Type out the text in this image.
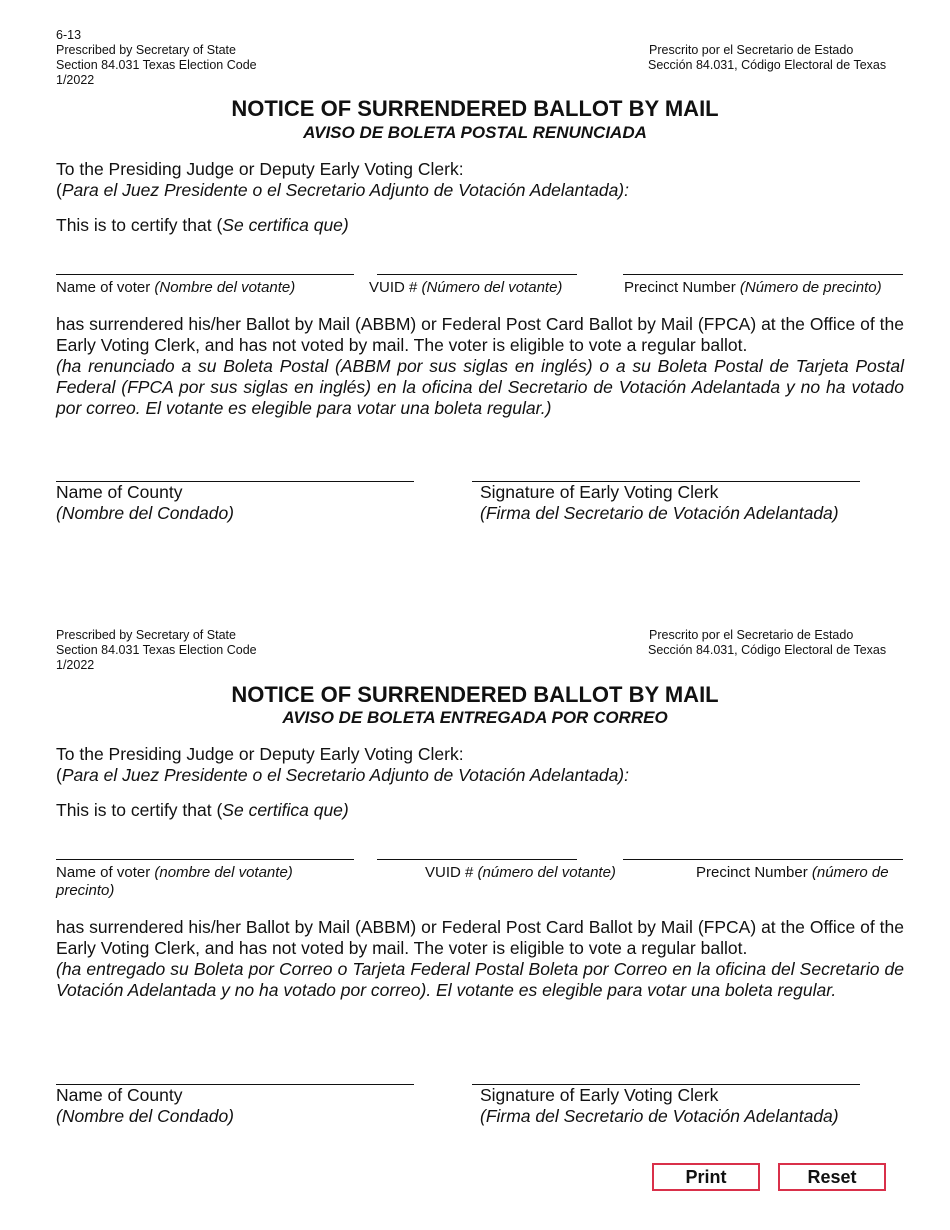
6-13
Prescribed by Secretary of State
Section 84.031 Texas Election Code
1/2022
Prescrito por el Secretario de Estado
Sección 84.031, Código Electoral de Texas
NOTICE OF SURRENDERED BALLOT BY MAIL
AVISO DE BOLETA POSTAL RENUNCIADA
To the Presiding Judge or Deputy Early Voting Clerk:
(Para el Juez Presidente o el Secretario Adjunto de Votación Adelantada):
This is to certify that (Se certifica que)
Name of voter (Nombre del votante)	VUID # (Número del votante)	Precinct Number (Número de precinto)
has surrendered his/her Ballot by Mail (ABBM) or Federal Post Card Ballot by Mail (FPCA) at the Office of the Early Voting Clerk, and has not voted by mail. The voter is eligible to vote a regular ballot.
(ha renunciado a su Boleta Postal (ABBM por sus siglas en inglés) o a su Boleta Postal de Tarjeta Postal Federal (FPCA por sus siglas en inglés) en la oficina del Secretario de Votación Adelantada y no ha votado por correo. El votante es elegible para votar una boleta regular.)
Name of County
(Nombre del Condado)
Signature of Early Voting Clerk
(Firma del Secretario de Votación Adelantada)
Prescribed by Secretary of State
Section 84.031 Texas Election Code
1/2022
Prescrito por el Secretario de Estado
Sección 84.031, Código Electoral de Texas
NOTICE OF SURRENDERED BALLOT BY MAIL
AVISO DE BOLETA ENTREGADA POR CORREO
To the Presiding Judge or Deputy Early Voting Clerk:
(Para el Juez Presidente o el Secretario Adjunto de Votación Adelantada):
This is to certify that (Se certifica que)
Name of voter (nombre del votante)	VUID # (número del votante)	Precinct Number (número de
precinto)
has surrendered his/her Ballot by Mail (ABBM) or Federal Post Card Ballot by Mail (FPCA) at the Office of the Early Voting Clerk, and has not voted by mail. The voter is eligible to vote a regular ballot.
(ha entregado su Boleta por Correo o Tarjeta Federal Postal Boleta por Correo en la oficina del Secretario de Votación Adelantada y no ha votado por correo). El votante es elegible para votar una boleta regular.
Name of County
(Nombre del Condado)
Signature of Early Voting Clerk
(Firma del Secretario de Votación Adelantada)
Print	Reset
